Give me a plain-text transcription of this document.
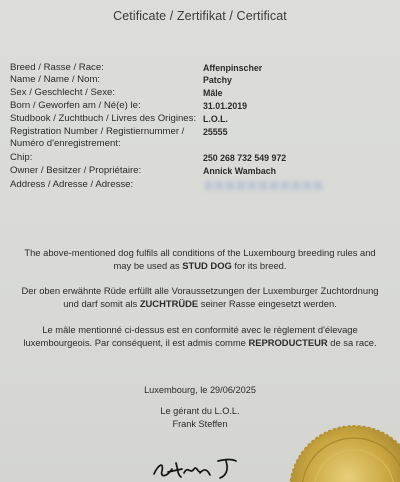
Cetificate / Zertifikat / Certificat
Breed / Rasse / Race:	Affenpinscher
Name / Name / Nom:	Patchy
Sex / Geschlecht / Sexe:	Mâle
Born / Geworfen am / Né(e) le:	31.01.2019
Studbook / Zuchtbuch / Livres des Origines: L.O.L.
Registration Number / Registiernummer /	25555
Numéro d'enregistrement:
Chip:	250 268 732 549 972
Owner / Besitzer / Propriétaire:	Annick Wambach
Address / Adresse / Adresse:
The above-mentioned dog fulfils all conditions of the Luxembourg breeding rules and may be used as STUD DOG for its breed.
Der oben erwähnte Rüde erfüllt alle Voraussetzungen der Luxemburger Zuchtordnung und darf somit als ZUCHTRÜDE seiner Rasse eingesetzt werden.
Le mâle mentionné ci-dessus est en conformité avec le règlement d'élevage luxembourgeois. Par conséquent, il est admis comme REPRODUCTEUR de sa race.
Luxembourg, le 29/06/2025
Le gérant du L.O.L.
Frank Steffen
